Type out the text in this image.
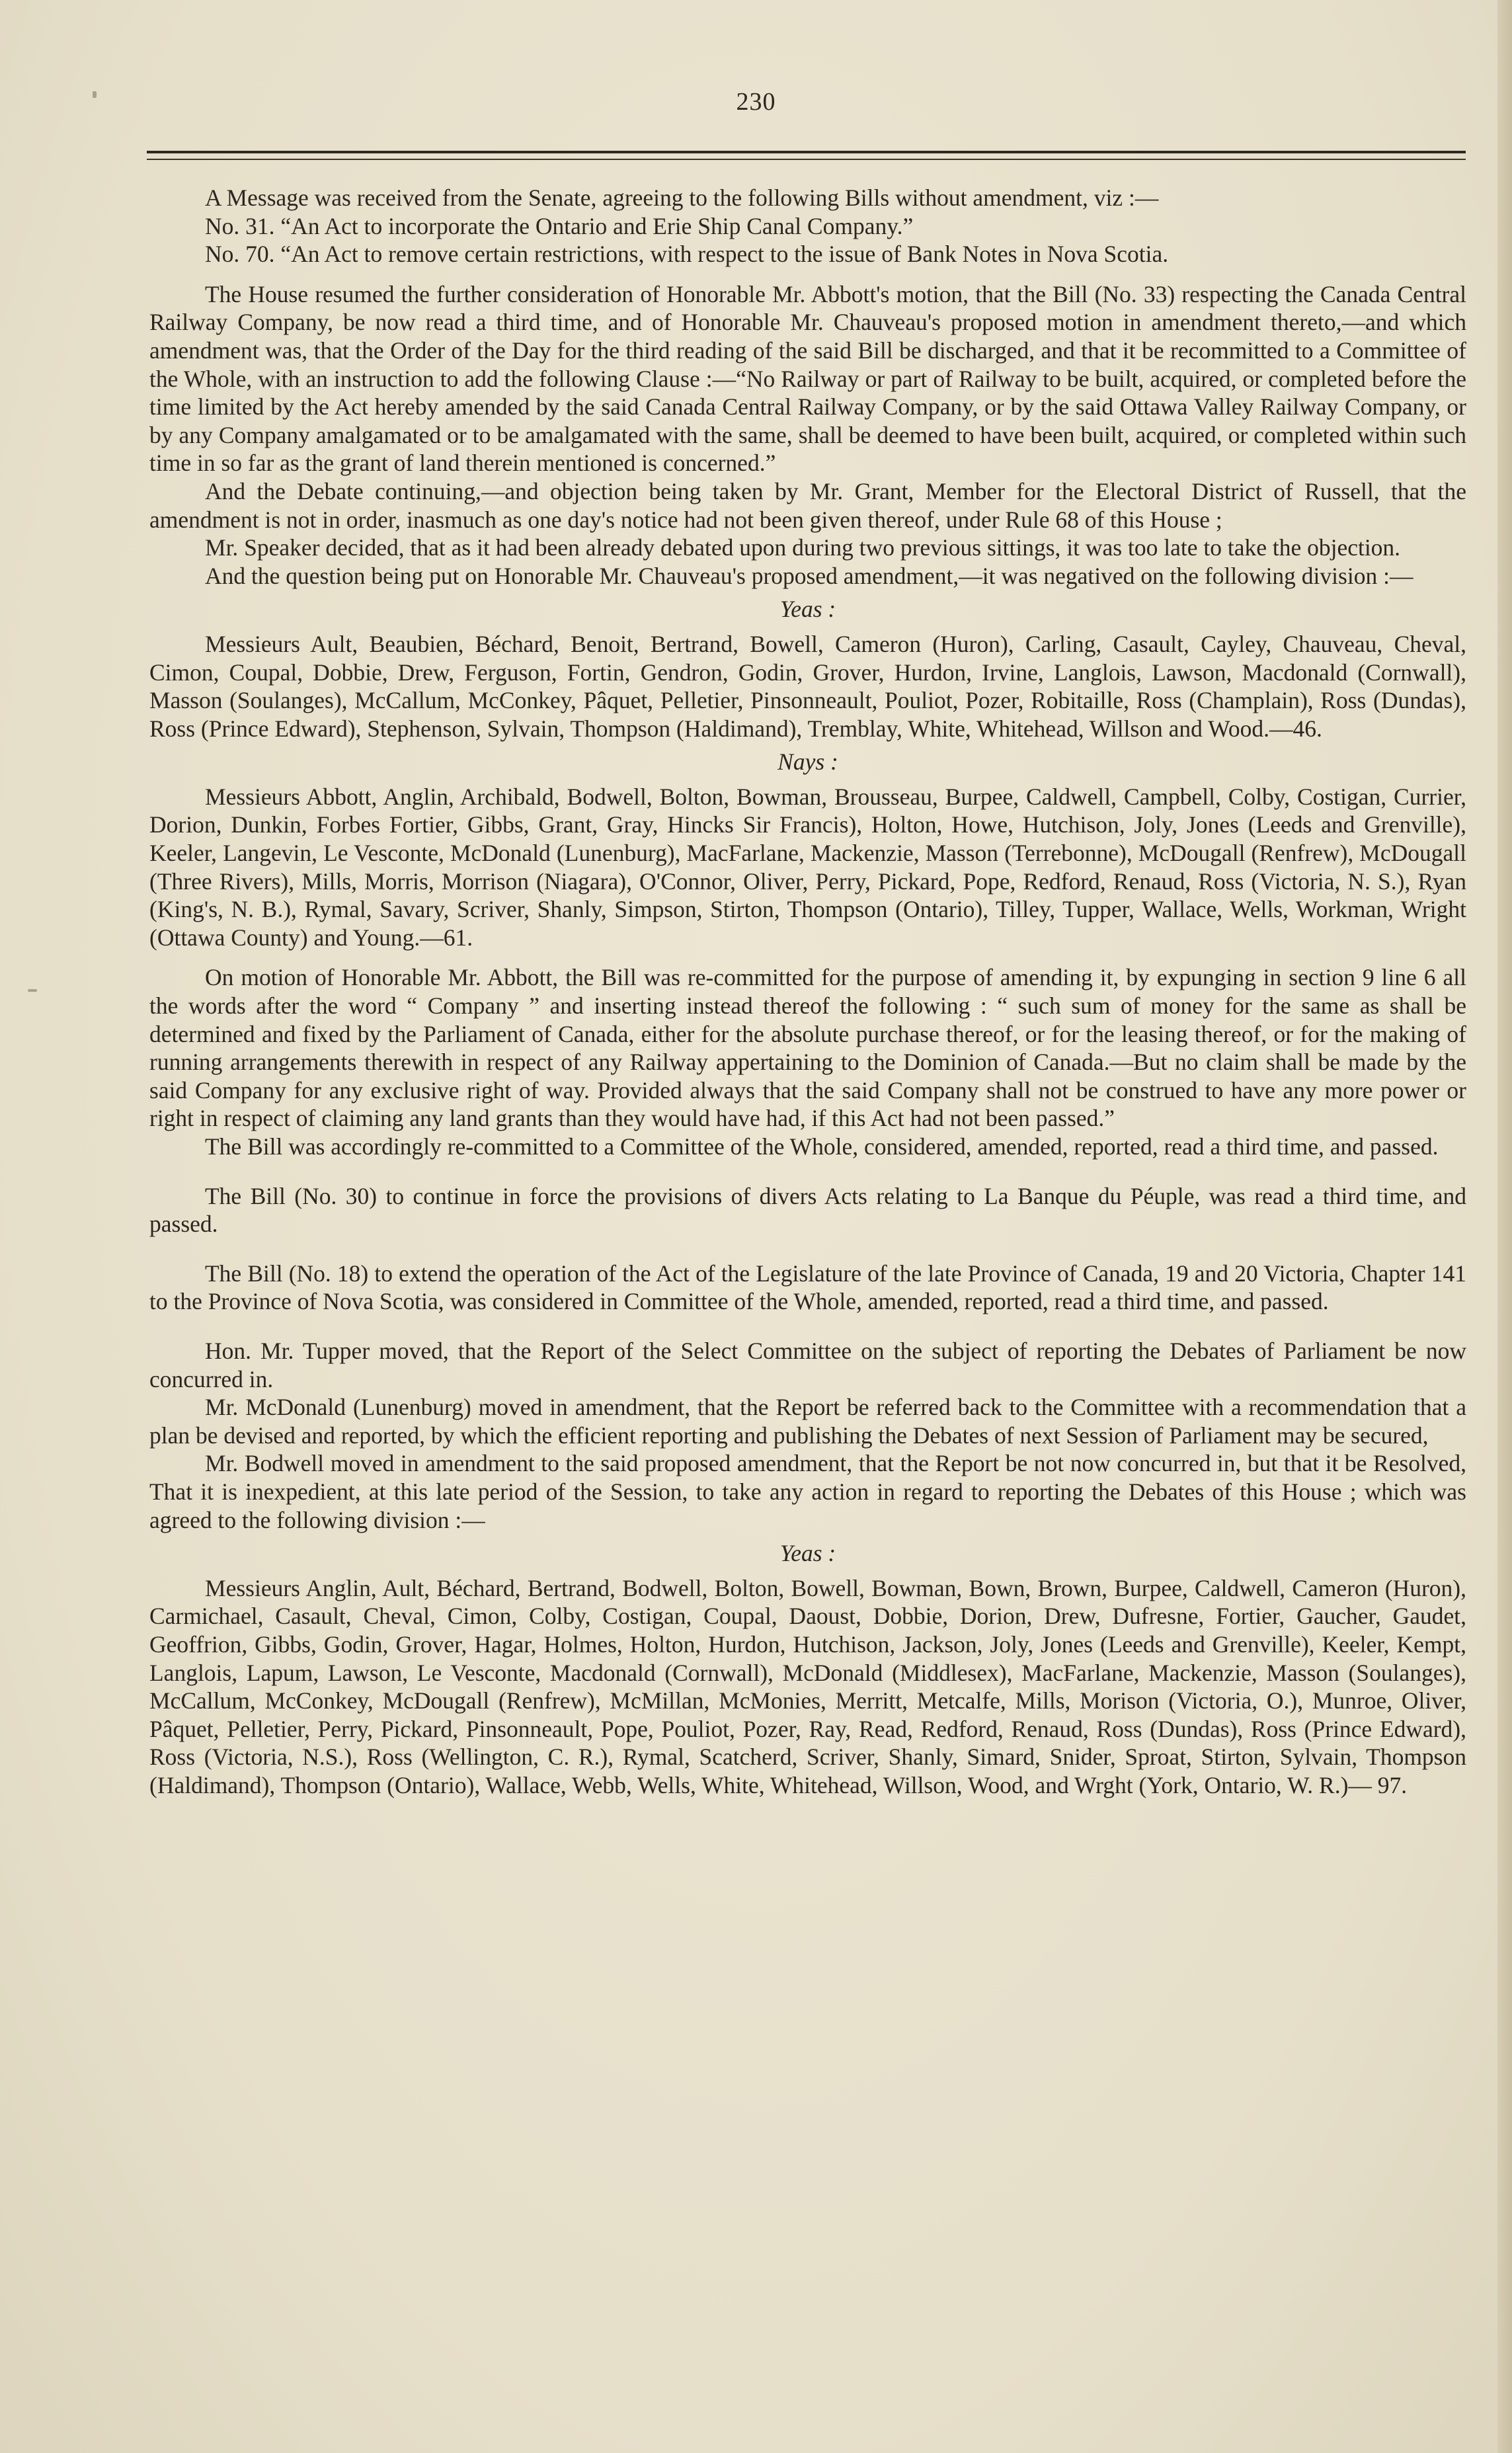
230

A Message was received from the Senate, agreeing to the following Bills without amendment, viz :—

No. 31. “An Act to incorporate the Ontario and Erie Ship Canal Company.”

No. 70. “An Act to remove certain restrictions, with respect to the issue of Bank Notes in Nova Scotia.

The House resumed the further consideration of Honorable Mr. Abbott's motion, that the Bill (No. 33) respecting the Canada Central Railway Company, be now read a third time, and of Honorable Mr. Chauveau's proposed motion in amendment thereto,—and which amendment was, that the Order of the Day for the third reading of the said Bill be discharged, and that it be recommitted to a Committee of the Whole, with an instruction to add the following Clause :—“No Railway or part of Railway to be built, acquired, or completed before the time limited by the Act hereby amended by the said Canada Central Railway Company, or by the said Ottawa Valley Railway Company, or by any Company amalgamated or to be amalgamated with the same, shall be deemed to have been built, acquired, or completed within such time in so far as the grant of land therein mentioned is concerned.”

And the Debate continuing,—and objection being taken by Mr. Grant, Member for the Electoral District of Russell, that the amendment is not in order, inasmuch as one day's notice had not been given thereof, under Rule 68 of this House ;

Mr. Speaker decided, that as it had been already debated upon during two previous sittings, it was too late to take the objection.

And the question being put on Honorable Mr. Chauveau's proposed amendment,—it was negatived on the following division :—

Yeas :

Messieurs Ault, Beaubien, Béchard, Benoit, Bertrand, Bowell, Cameron (Huron), Carling, Casault, Cayley, Chauveau, Cheval, Cimon, Coupal, Dobbie, Drew, Ferguson, Fortin, Gendron, Godin, Grover, Hurdon, Irvine, Langlois, Lawson, Macdonald (Cornwall), Masson (Soulanges), McCallum, McConkey, Pâquet, Pelletier, Pinsonneault, Pouliot, Pozer, Robitaille, Ross (Champlain), Ross (Dundas), Ross (Prince Edward), Stephenson, Sylvain, Thompson (Haldimand), Tremblay, White, Whitehead, Willson and Wood.—46.

Nays :

Messieurs Abbott, Anglin, Archibald, Bodwell, Bolton, Bowman, Brousseau, Burpee, Caldwell, Campbell, Colby, Costigan, Currier, Dorion, Dunkin, Forbes Fortier, Gibbs, Grant, Gray, Hincks Sir Francis), Holton, Howe, Hutchison, Joly, Jones (Leeds and Grenville), Keeler, Langevin, Le Vesconte, McDonald (Lunenburg), MacFarlane, Mackenzie, Masson (Terrebonne), McDougall (Renfrew), McDougall (Three Rivers), Mills, Morris, Morrison (Niagara), O'Connor, Oliver, Perry, Pickard, Pope, Redford, Renaud, Ross (Victoria, N. S.), Ryan (King's, N. B.), Rymal, Savary, Scriver, Shanly, Simpson, Stirton, Thompson (Ontario), Tilley, Tupper, Wallace, Wells, Workman, Wright (Ottawa County) and Young.—61.

On motion of Honorable Mr. Abbott, the Bill was re-committed for the purpose of amending it, by expunging in section 9 line 6 all the words after the word “ Company ” and inserting instead thereof the following : “ such sum of money for the same as shall be determined and fixed by the Parliament of Canada, either for the absolute purchase thereof, or for the leasing thereof, or for the making of running arrangements therewith in respect of any Railway appertaining to the Dominion of Canada.—But no claim shall be made by the said Company for any exclusive right of way. Provided always that the said Company shall not be construed to have any more power or right in respect of claiming any land grants than they would have had, if this Act had not been passed.”

The Bill was accordingly re-committed to a Committee of the Whole, considered, amended, reported, read a third time, and passed.

The Bill (No. 30) to continue in force the provisions of divers Acts relating to La Banque du Péuple, was read a third time, and passed.

The Bill (No. 18) to extend the operation of the Act of the Legislature of the late Province of Canada, 19 and 20 Victoria, Chapter 141 to the Province of Nova Scotia, was considered in Committee of the Whole, amended, reported, read a third time, and passed.

Hon. Mr. Tupper moved, that the Report of the Select Committee on the subject of reporting the Debates of Parliament be now concurred in.

Mr. McDonald (Lunenburg) moved in amendment, that the Report be referred back to the Committee with a recommendation that a plan be devised and reported, by which the efficient reporting and publishing the Debates of next Session of Parliament may be secured,

Mr. Bodwell moved in amendment to the said proposed amendment, that the Report be not now concurred in, but that it be Resolved, That it is inexpedient, at this late period of the Session, to take any action in regard to reporting the Debates of this House ; which was agreed to the following division :—

Yeas :

Messieurs Anglin, Ault, Béchard, Bertrand, Bodwell, Bolton, Bowell, Bowman, Bown, Brown, Burpee, Caldwell, Cameron (Huron), Carmichael, Casault, Cheval, Cimon, Colby, Costigan, Coupal, Daoust, Dobbie, Dorion, Drew, Dufresne, Fortier, Gaucher, Gaudet, Geoffrion, Gibbs, Godin, Grover, Hagar, Holmes, Holton, Hurdon, Hutchison, Jackson, Joly, Jones (Leeds and Grenville), Keeler, Kempt, Langlois, Lapum, Lawson, Le Vesconte, Macdonald (Cornwall), McDonald (Middlesex), MacFarlane, Mackenzie, Masson (Soulanges), McCallum, McConkey, McDougall (Renfrew), McMillan, McMonies, Merritt, Metcalfe, Mills, Morison (Victoria, O.), Munroe, Oliver, Pâquet, Pelletier, Perry, Pickard, Pinsonneault, Pope, Pouliot, Pozer, Ray, Read, Redford, Renaud, Ross (Dundas), Ross (Prince Edward), Ross (Victoria, N.S.), Ross (Wellington, C. R.), Rymal, Scatcherd, Scriver, Shanly, Simard, Snider, Sproat, Stirton, Sylvain, Thompson (Haldimand), Thompson (Ontario), Wallace, Webb, Wells, White, Whitehead, Willson, Wood, and Wrght (York, Ontario, W. R.)— 97.
